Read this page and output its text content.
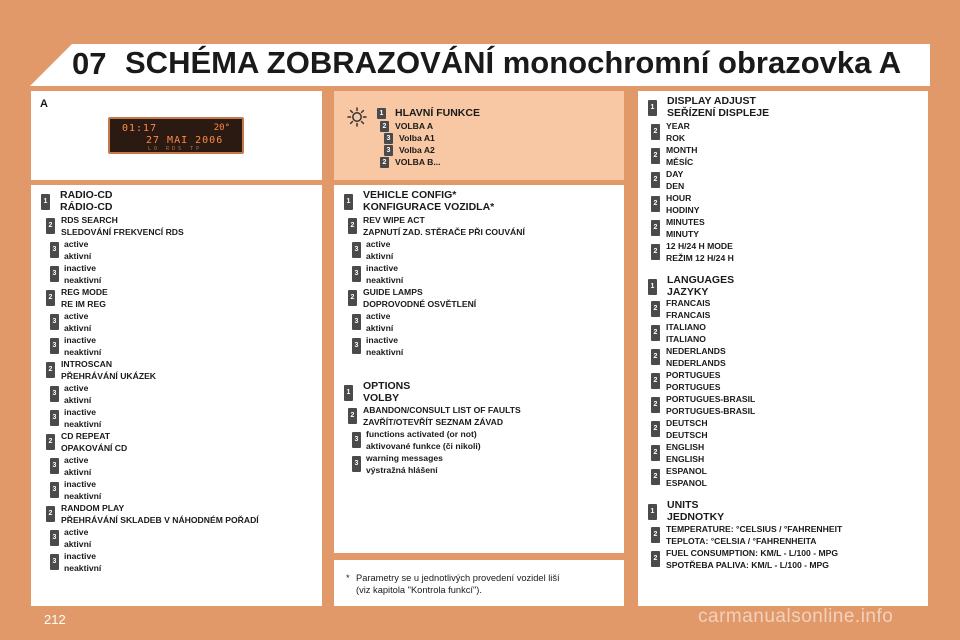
07 SCHÉMA ZOBRAZOVÁNÍ monochromní obrazovka A
A
01:17	20°
27 MAI 2006
LO RDS TP
1 HLAVNÍ FUNKCE
2 VOLBA A
3 Volba A1
3 Volba A2
2 VOLBA B...
1
RADIO-CD
RÁDIO-CD
2
RDS SEARCH
SLEDOVÁNÍ FREKVENCÍ RDS
3
active
aktivní
3
inactive
neaktivní
2
REG MODE
RE IM REG
3
active
aktivní
3
inactive
neaktivní
2
INTROSCAN
PŘEHRÁVÁNÍ UKÁZEK
3
active
aktivní
3
inactive
neaktivní
2
CD REPEAT
OPAKOVÁNÍ CD
3
active
aktivní
3
inactive
neaktivní
2
RANDOM PLAY
PŘEHRÁVÁNÍ SKLADEB V NÁHODNÉM POŘADÍ
3
active
aktivní
3
inactive
neaktivní
1
VEHICLE CONFIG*
KONFIGURACE VOZIDLA*
2
REV WIPE ACT
ZAPNUTÍ ZAD. STĚRAČE PŘI COUVÁNÍ
3
active
aktivní
3
inactive
neaktivní
2
GUIDE LAMPS
DOPROVODNÉ OSVĚTLENÍ
3
active
aktivní
3
inactive
neaktivní
1
OPTIONS
VOLBY
2
ABANDON/CONSULT LIST OF FAULTS
ZAVŘÍT/OTEVŘÍT SEZNAM ZÁVAD
3
functions activated (or not)
aktivované funkce (či nikoli)
3
warning messages
výstražná hlášení
* Parametry se u jednotlivých provedení vozidel liší
(viz kapitola "Kontrola funkcí").
1
DISPLAY ADJUST
SEŘÍZENÍ DISPLEJE
2
YEAR
ROK
2
MONTH
MĚSÍC
2
DAY
DEN
2
HOUR
HODINY
2
MINUTES
MINUTY
2
12 H/24 H MODE
REŽIM 12 H/24 H
1
LANGUAGES
JAZYKY
2
FRANCAIS
FRANCAIS
2
ITALIANO
ITALIANO
2
NEDERLANDS
NEDERLANDS
2
PORTUGUES
PORTUGUES
2
PORTUGUES-BRASIL
PORTUGUES-BRASIL
2
DEUTSCH
DEUTSCH
2
ENGLISH
ENGLISH
2
ESPANOL
ESPANOL
1
UNITS
JEDNOTKY
2
TEMPERATURE: °CELSIUS / °FAHRENHEIT
TEPLOTA: °CELSIA / °FAHRENHEITA
2
FUEL CONSUMPTION: KM/L - L/100 - MPG
SPOTŘEBA PALIVA: KM/L - L/100 - MPG
212	carmanualsonline.info
